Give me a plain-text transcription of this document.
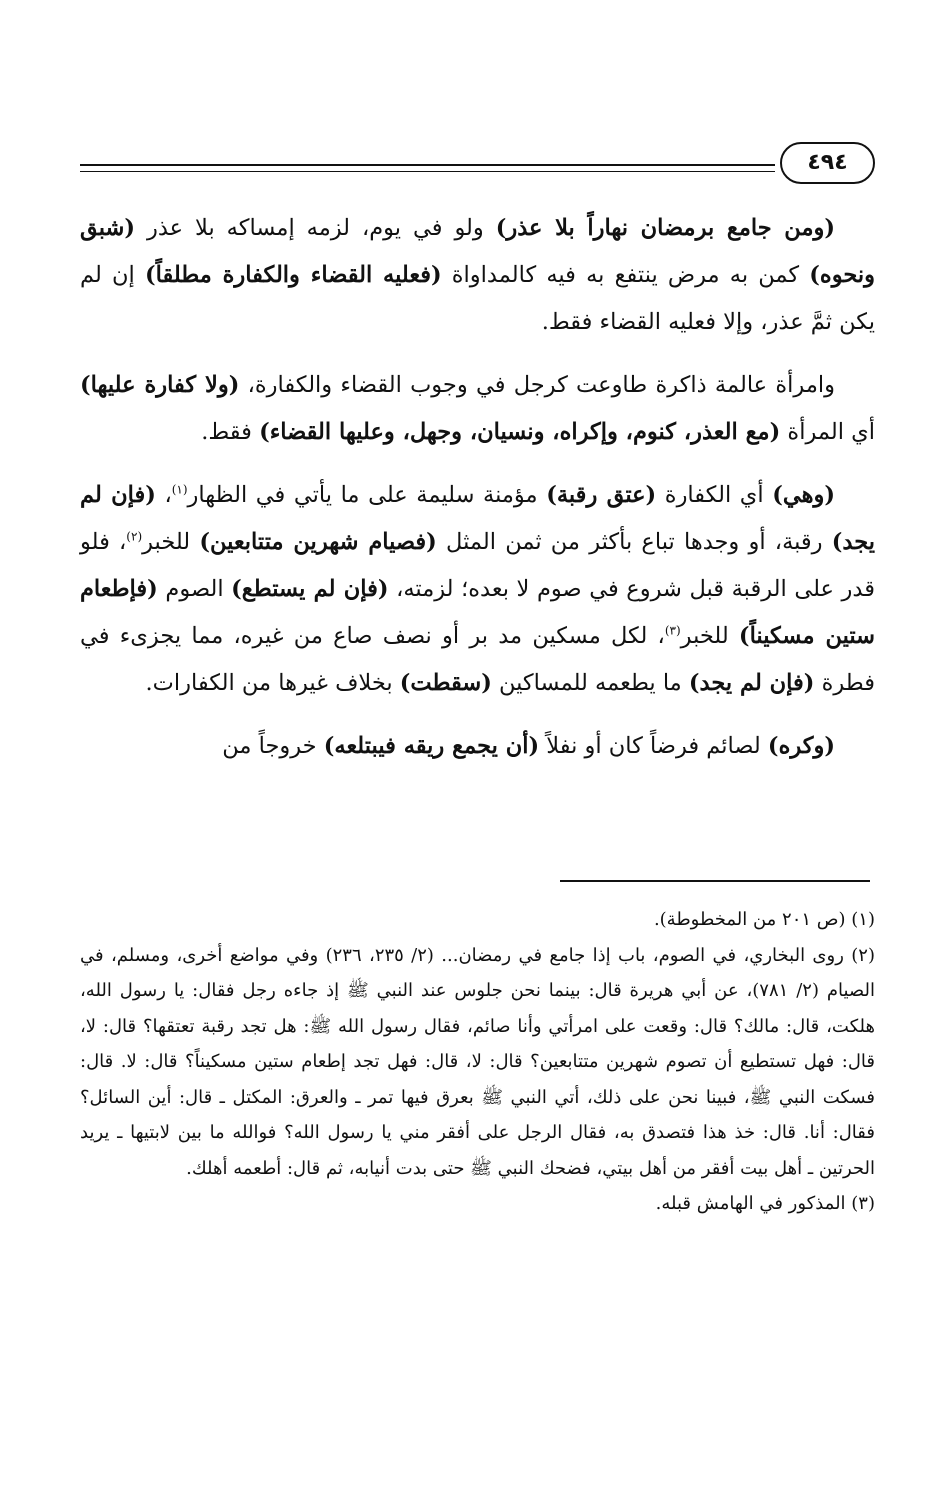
٤٩٤

(ومن جامع برمضان نهاراً بلا عذر) ولو في يوم، لزمه إمساكه بلا عذر (شبق ونحوه) كمن به مرض ينتفع به فيه كالمداواة (فعليه القضاء والكفارة مطلقاً) إن لم يكن ثمَّ عذر، وإلا فعليه القضاء فقط.

وامرأة عالمة ذاكرة طاوعت كرجل في وجوب القضاء والكفارة، (ولا كفارة عليها) أي المرأة (مع العذر، كنوم، وإكراه، ونسيان، وجهل، وعليها القضاء) فقط.

(وهي) أي الكفارة (عتق رقبة) مؤمنة سليمة على ما يأتي في الظهار$^{(١)}$، (فإن لم يجد) رقبة، أو وجدها تباع بأكثر من ثمن المثل (فصيام شهرين متتابعين) للخبر$^{(٢)}$، فلو قدر على الرقبة قبل شروع في صوم لا بعده؛ لزمته، (فإن لم يستطع) الصوم (فإطعام ستين مسكيناً) للخبر$^{(٣)}$، لكل مسكين مد بر أو نصف صاع من غيره، مما يجزىء في فطرة (فإن لم يجد) ما يطعمه للمساكين (سقطت) بخلاف غيرها من الكفارات.

(وكره) لصائم فرضاً كان أو نفلاً (أن يجمع ريقه فيبتلعه) خروجاً من

(١) (ص ٢٠١ من المخطوطة).

(٢) روى البخاري، في الصوم، باب إذا جامع في رمضان... (٢/ ٢٣٥، ٢٣٦) وفي مواضع أخرى، ومسلم، في الصيام (٢/ ٧٨١)، عن أبي هريرة قال: بينما نحن جلوس عند النبي ﷺ إذ جاءه رجل فقال: يا رسول الله، هلكت، قال: مالك؟ قال: وقعت على امرأتي وأنا صائم، فقال رسول الله ﷺ: هل تجد رقبة تعتقها؟ قال: لا، قال: فهل تستطيع أن تصوم شهرين متتابعين؟ قال: لا، قال: فهل تجد إطعام ستين مسكيناً؟ قال: لا. قال: فسكت النبي ﷺ، فبينا نحن على ذلك، أتي النبي ﷺ بعرق فيها تمر ـ والعرق: المكتل ـ قال: أين السائل؟ فقال: أنا. قال: خذ هذا فتصدق به، فقال الرجل على أفقر مني يا رسول الله؟ فوالله ما بين لابتيها ـ يريد الحرتين ـ أهل بيت أفقر من أهل بيتي، فضحك النبي ﷺ حتى بدت أنيابه، ثم قال: أطعمه أهلك.

(٣) المذكور في الهامش قبله.
